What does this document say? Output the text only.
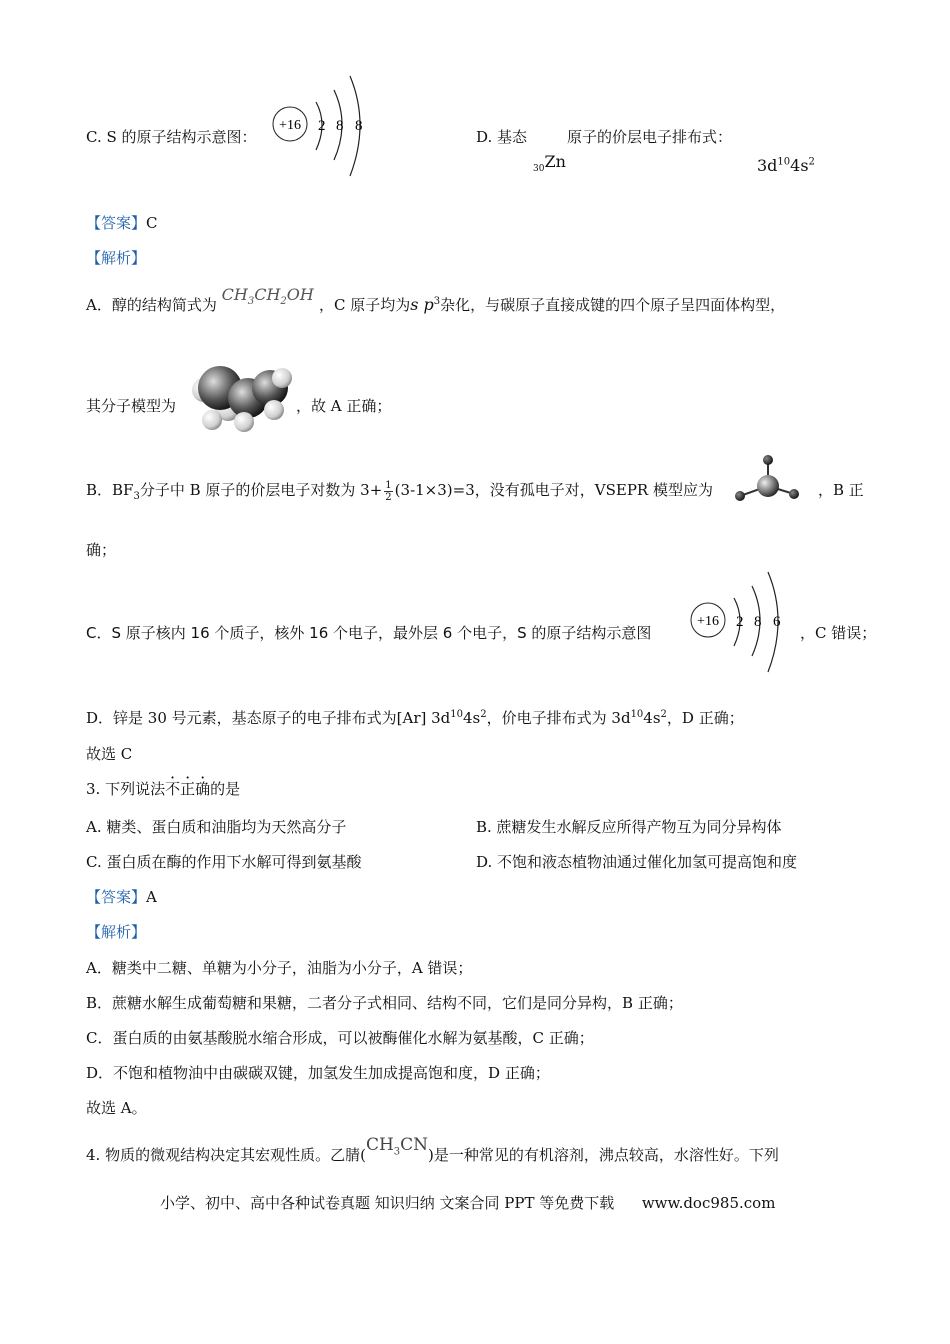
C. S 的原子结构示意图：
+16 2 8 8
D. 基态	原子的价层电子排布式：
$_{30}$Zn	$3d^{10}4s^2$
【答案】C
【解析】
A．醇的结构简式为 $CH_3CH_2OH$ ，C 原子均为s $p^3$杂化，与碳原子直接成键的四个原子呈四面体构型，
其分子模型为	，故 A 正确；
B．$BF_3$分子中 B 原子的价层电子对数为 $3+ \frac{1}{2} (3-1\times 3)=3$，没有孤电子对，VSEPR 模型应为	，B 正
确；
C．S 原子核内 16 个质子，核外 16 个电子，最外层 6 个电子，S 的原子结构示意图
+16 2 8 6
，C 错误；
D．锌是 30 号元素，基态原子的电子排布式为[Ar] $3d^{10}4s^2$，价电子排布式为 $3d^{10}4s^2$，D 正确；
故选 C
3. 下列说法不正确的是
A. 糖类、蛋白质和油脂均为天然高分子	B. 蔗糖发生水解反应所得产物互为同分异构体
C. 蛋白质在酶的作用下水解可得到氨基酸	D. 不饱和液态植物油通过催化加氢可提高饱和度
【答案】A
【解析】
A．糖类中二糖、单糖为小分子，油脂为小分子，A 错误；
B．蔗糖水解生成葡萄糖和果糖，二者分子式相同、结构不同，它们是同分异构，B 正确；
C．蛋白质的由氨基酸脱水缩合形成，可以被酶催化水解为氨基酸，C 正确；
D．不饱和植物油中由碳碳双键，加氢发生加成提高饱和度，D 正确；
故选 A。
4. 物质的微观结构决定其宏观性质。乙腈$(CH_3CN)$是一种常见的有机溶剂，沸点较高，水溶性好。下列
小学、初中、高中各种试卷真题 知识归纳 文案合同 PPT 等免费下载 www.doc985.com
